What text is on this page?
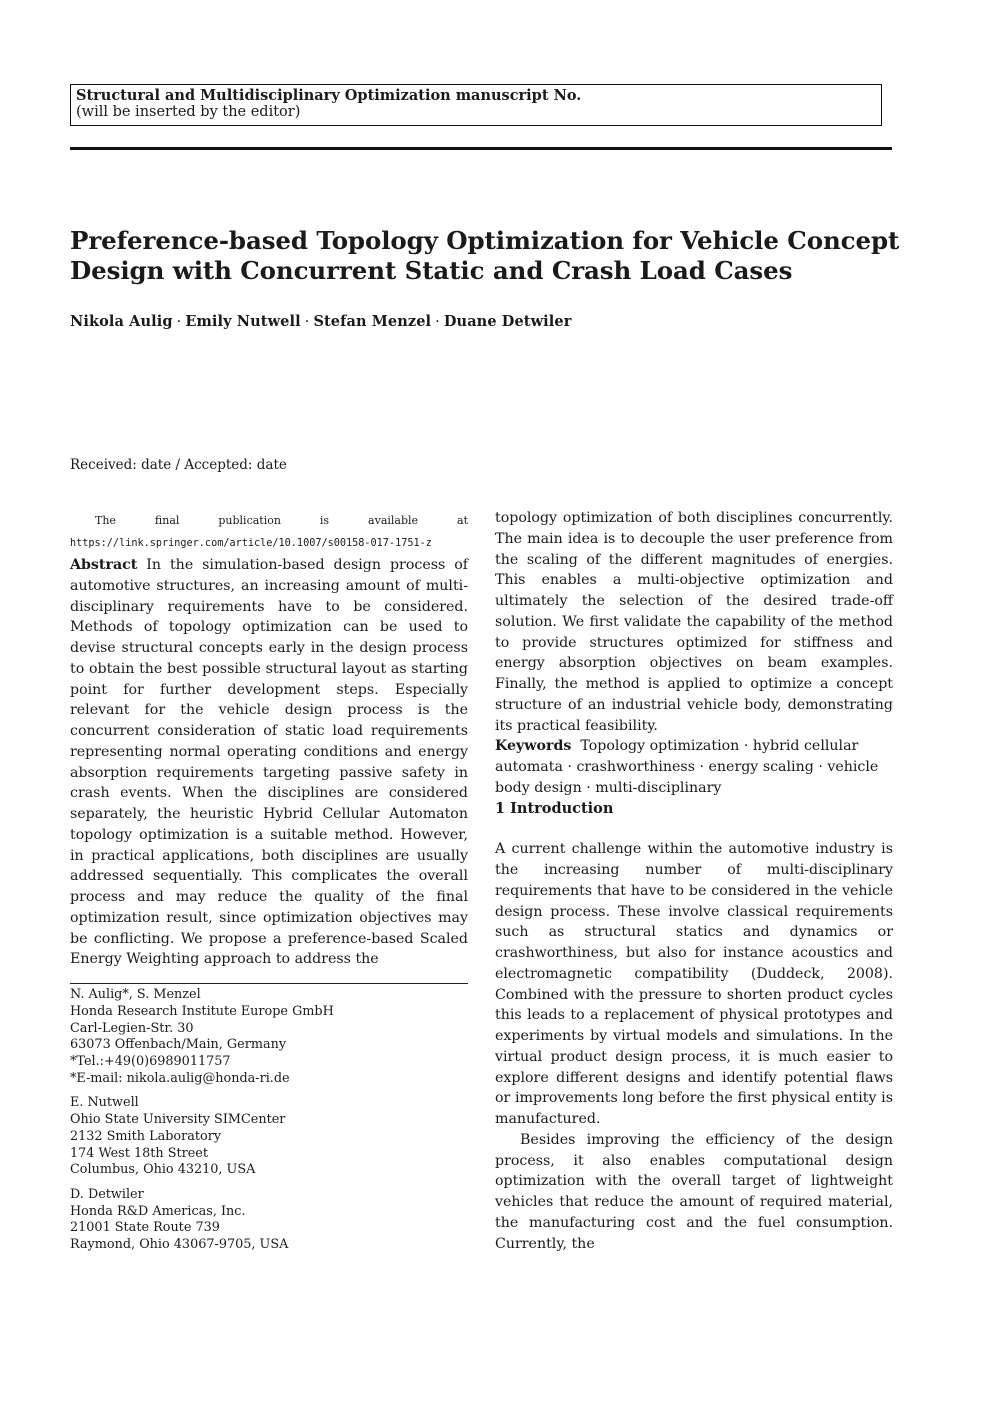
Structural and Multidisciplinary Optimization manuscript No.
(will be inserted by the editor)
Preference-based Topology Optimization for Vehicle Concept Design with Concurrent Static and Crash Load Cases
Nikola Aulig · Emily Nutwell · Stefan Menzel · Duane Detwiler
Received: date / Accepted: date

The final publication is available at https://link.springer.com/article/10.1007/s00158-017-1751-z

Abstract In the simulation-based design process of automotive structures, an increasing amount of multi-disciplinary requirements have to be considered. Methods of topology optimization can be used to devise structural concepts early in the design process to obtain the best possible structural layout as starting point for further development steps. Especially relevant for the vehicle design process is the concurrent consideration of static load requirements representing normal operating conditions and energy absorption requirements targeting passive safety in crash events. When the disciplines are considered separately, the heuristic Hybrid Cellular Automaton topology optimization is a suitable method. However, in practical applications, both disciplines are usually addressed sequentially. This complicates the overall process and may reduce the quality of the final optimization result, since optimization objectives may be conflicting. We propose a preference-based Scaled Energy Weighting approach to address the

N. Aulig*, S. Menzel
Honda Research Institute Europe GmbH
Carl-Legien-Str. 30
63073 Offenbach/Main, Germany
*Tel.:+49(0)6989011757
*E-mail: nikola.aulig@honda-ri.de
E. Nutwell
Ohio State University SIMCenter
2132 Smith Laboratory
174 West 18th Street
Columbus, Ohio 43210, USA
D. Detwiler
Honda R&D Americas, Inc.
21001 State Route 739
Raymond, Ohio 43067-9705, USA

topology optimization of both disciplines concurrently. The main idea is to decouple the user preference from the scaling of the different magnitudes of energies. This enables a multi-objective optimization and ultimately the selection of the desired trade-off solution. We first validate the capability of the method to provide structures optimized for stiffness and energy absorption objectives on beam examples. Finally, the method is applied to optimize a concept structure of an industrial vehicle body, demonstrating its practical feasibility.

Keywords Topology optimization · hybrid cellular automata · crashworthiness · energy scaling · vehicle body design · multi-disciplinary

1 Introduction

A current challenge within the automotive industry is the increasing number of multi-disciplinary requirements that have to be considered in the vehicle design process. These involve classical requirements such as structural statics and dynamics or crashworthiness, but also for instance acoustics and electromagnetic compatibility (Duddeck, 2008). Combined with the pressure to shorten product cycles this leads to a replacement of physical prototypes and experiments by virtual models and simulations. In the virtual product design process, it is much easier to explore different designs and identify potential flaws or improvements long before the first physical entity is manufactured.

Besides improving the efficiency of the design process, it also enables computational design optimization with the overall target of lightweight vehicles that reduce the amount of required material, the manufacturing cost and the fuel consumption. Currently, the
